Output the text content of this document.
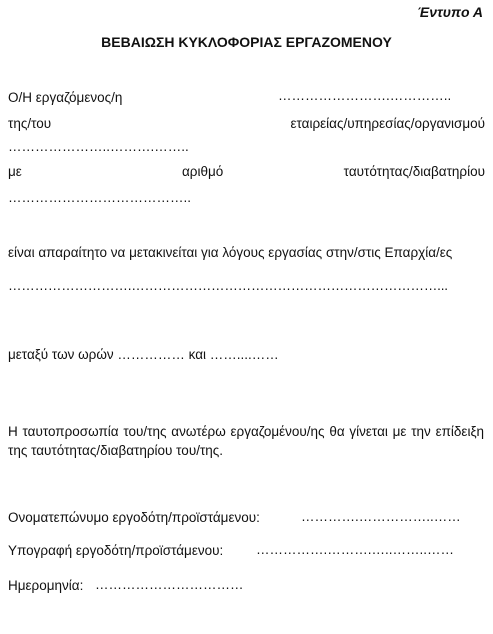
Έντυπο Α
ΒΕΒΑΙΩΣΗ ΚΥΚΛΟΦΟΡΙΑΣ ΕΡΓΑΖΟΜΕΝΟΥ
Ο/Η εργαζόμενος/η	…………………….…………..
της/του	εταιρείας/υπηρεσίας/οργανισμού
…………………..……….……..
με	αριθμό	ταυτότητας/διαβατηρίου
…………………………………..
είναι απαραίτητο να μετακινείται για λόγους εργασίας στην/στις Επαρχία/ες
……………………….……………………………………………………………...
μεταξύ των ωρών …………… και ……....……
Η ταυτοπροσωπία του/της ανωτέρω εργαζομένου/ης θα γίνεται με την επίδειξη της ταυτότητας/διαβατηρίου του/της.
Ονοματεπώνυμο εργοδότη/προϊστάμενου:	………….……………..……
Υπογραφή εργοδότη/προϊστάμενου: …………….……….…..……..……
Ημερομηνία: ……………………………
